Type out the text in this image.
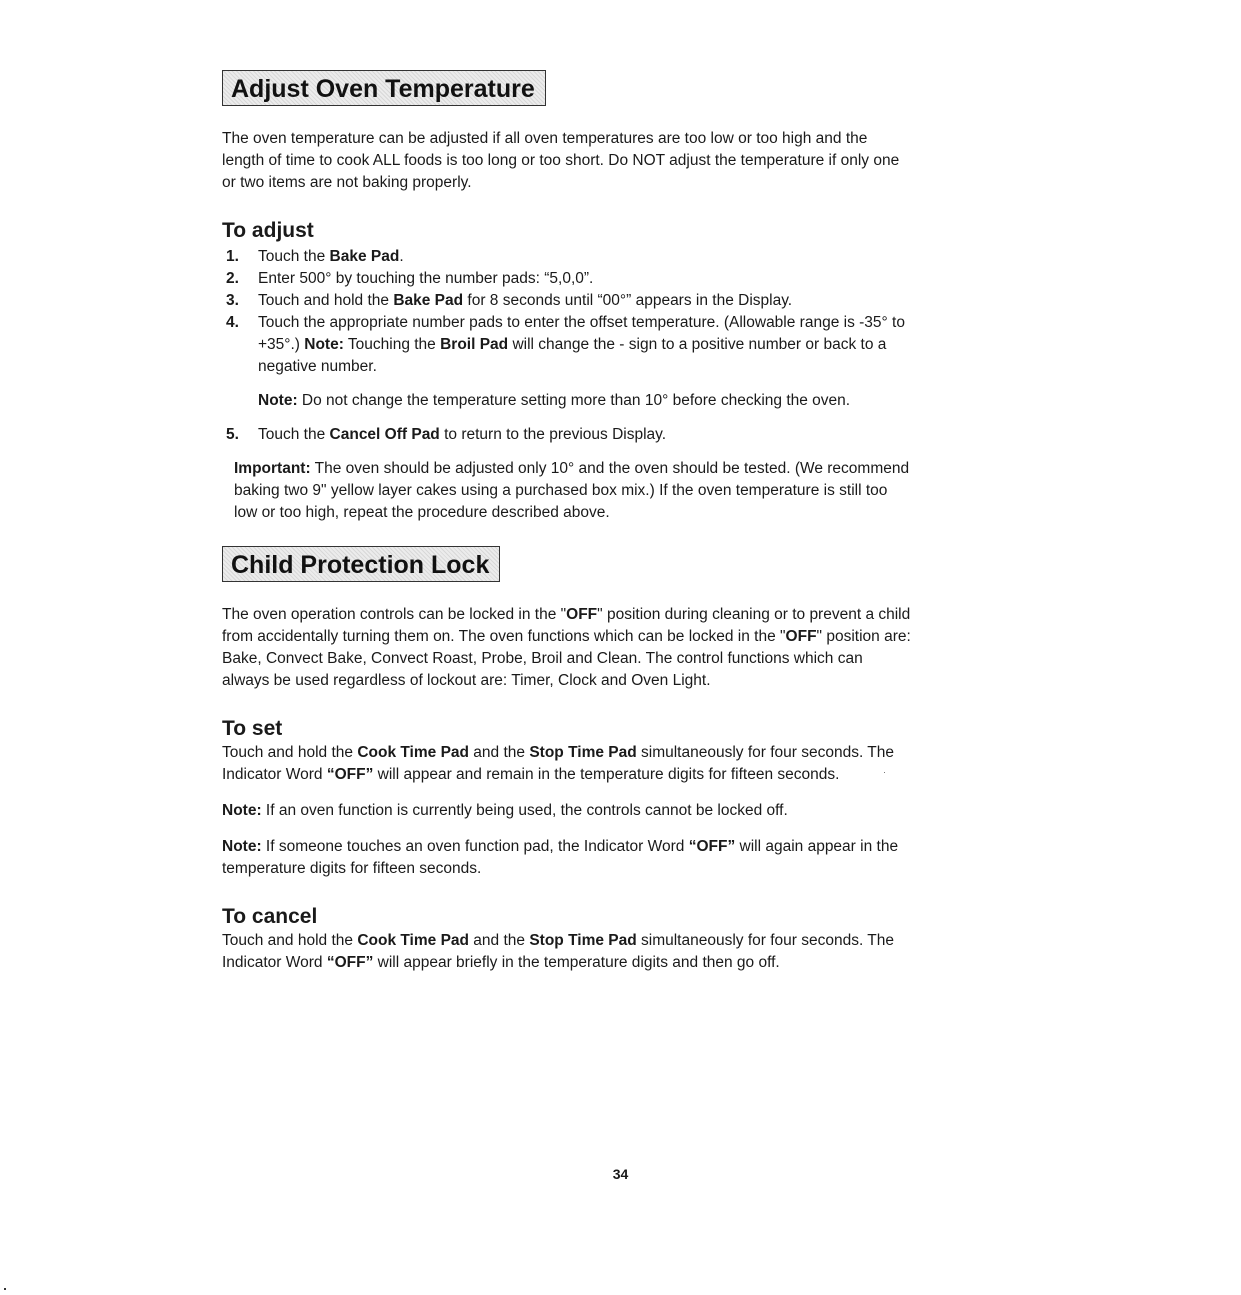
Adjust Oven Temperature

The oven temperature can be adjusted if all oven temperatures are too low or too high and the length of time to cook ALL foods is too long or too short. Do NOT adjust the temperature if only one or two items are not baking properly.

To adjust
1. Touch the Bake Pad.
2. Enter 500° by touching the number pads: “5,0,0”.
3. Touch and hold the Bake Pad for 8 seconds until “00°” appears in the Display.
4. Touch the appropriate number pads to enter the offset temperature. (Allowable range is -35° to +35°.) Note: Touching the Broil Pad will change the - sign to a positive number or back to a negative number.

Note: Do not change the temperature setting more than 10° before checking the oven.

5. Touch the Cancel Off Pad to return to the previous Display.

Important: The oven should be adjusted only 10° and the oven should be tested. (We recommend baking two 9" yellow layer cakes using a purchased box mix.) If the oven temperature is still too low or too high, repeat the procedure described above.

Child Protection Lock

The oven operation controls can be locked in the "OFF" position during cleaning or to prevent a child from accidentally turning them on. The oven functions which can be locked in the "OFF" position are: Bake, Convect Bake, Convect Roast, Probe, Broil and Clean. The control functions which can always be used regardless of lockout are: Timer, Clock and Oven Light.

To set

Touch and hold the Cook Time Pad and the Stop Time Pad simultaneously for four seconds. The Indicator Word “OFF” will appear and remain in the temperature digits for fifteen seconds.

Note: If an oven function is currently being used, the controls cannot be locked off.

Note: If someone touches an oven function pad, the Indicator Word “OFF” will again appear in the temperature digits for fifteen seconds.

To cancel

Touch and hold the Cook Time Pad and the Stop Time Pad simultaneously for four seconds. The Indicator Word “OFF” will appear briefly in the temperature digits and then go off.

34
